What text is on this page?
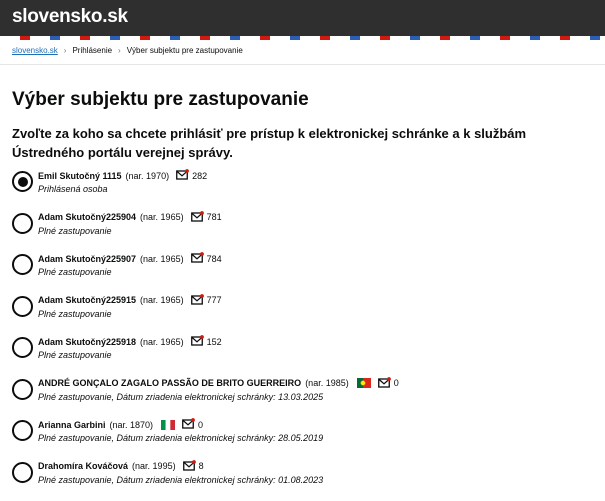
slovensko.sk
slovensko.sk › Prihlásenie › Výber subjektu pre zastupovanie
Výber subjektu pre zastupovanie

Zvoľte za koho sa chcete prihlásiť pre prístup k elektronickej schránke a k službám Ústredného portálu verejnej správy.

Emil Skutočný 1115 (nar. 1970)	282
Prihlásená osoba
Adam Skutočný225904 (nar. 1965)	781
Plné zastupovanie
Adam Skutočný225907 (nar. 1965)	784
Plné zastupovanie
Adam Skutočný225915 (nar. 1965)	777
Plné zastupovanie
Adam Skutočný225918 (nar. 1965)	152
Plné zastupovanie
ANDRÉ GONÇALO ZAGALO PASSÃO DE BRITO GUERREIRO (nar. 1985)	0
Plné zastupovanie, Dátum zriadenia elektronickej schránky: 13.03.2025
Arianna Garbini (nar. 1870)	0
Plné zastupovanie, Dátum zriadenia elektronickej schránky: 28.05.2019
Drahomíra Kováčová (nar. 1995)	8
Plné zastupovanie, Dátum zriadenia elektronickej schránky: 01.08.2023
